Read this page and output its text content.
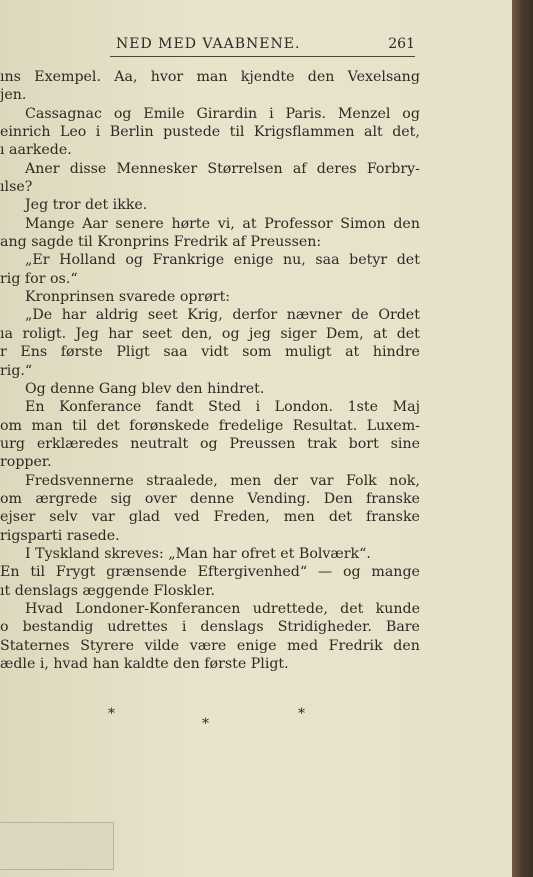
NED MED VAABNENE.	261
ıns Exempel. Aa, hvor man kjendte den Vexelsang
jen.
Cassagnac og Emile Girardin i Paris. Menzel og
einrich Leo i Berlin pustede til Krigsflammen alt det,
ı aarkede.
Aner disse Mennesker Størrelsen af deres Forbry-
ılse?
Jeg tror det ikke.
Mange Aar senere hørte vi, at Professor Simon den
ang sagde til Kronprins Fredrik af Preussen:
„Er Holland og Frankrige enige nu, saa betyr det
rig for os.“
Kronprinsen svarede oprørt:
„De har aldrig seet Krig, derfor nævner de Ordet
ıa roligt. Jeg har seet den, og jeg siger Dem, at det
r Ens første Pligt saa vidt som muligt at hindre
rig.“
Og denne Gang blev den hindret.
En Konferance fandt Sted i London. 1ste Maj
om man til det forønskede fredelige Resultat. Luxem-
urg erklæredes neutralt og Preussen trak bort sine
ropper.
Fredsvennerne straalede, men der var Folk nok,
om ærgrede sig over denne Vending. Den franske
ejser selv var glad ved Freden, men det franske
rigsparti rasede.
I Tyskland skreves: „Man har ofret et Bolværk“.
En til Frygt grænsende Eftergivenhed“ — og mange
ıt denslags æggende Floskler.
Hvad Londoner-Konferancen udrettede, det kunde
o bestandig udrettes i denslags Stridigheder. Bare
Staternes Styrere vilde være enige med Fredrik den
ædle i, hvad han kaldte den første Pligt.
*
*
*
